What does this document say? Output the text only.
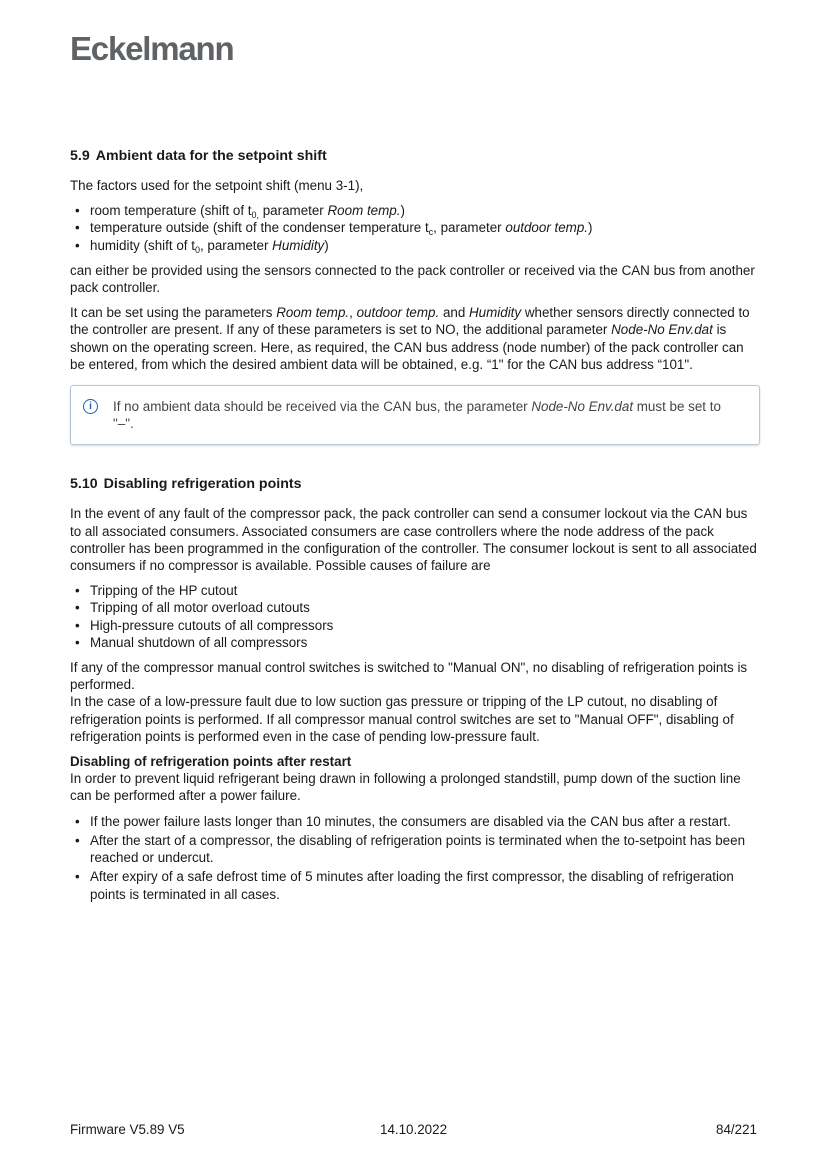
Eckelmann
5.9 Ambient data for the setpoint shift

The factors used for the setpoint shift (menu 3-1),

• room temperature (shift of $t_{0,}$ parameter Room temp.)
• temperature outside (shift of the condenser temperature $t_c$, parameter outdoor temp.)
• humidity (shift of $t_0$, parameter Humidity)

can either be provided using the sensors connected to the pack controller or received via the CAN bus from another pack controller.

It can be set using the parameters Room temp., outdoor temp. and Humidity whether sensors directly connected to the controller are present. If any of these parameters is set to NO, the additional parameter Node-No Env.dat is shown on the operating screen. Here, as required, the CAN bus address (node number) of the pack controller can be entered, from which the desired ambient data will be obtained, e.g. “1" for the CAN bus address “101".

i	If no ambient data should be received via the CAN bus, the parameter Node-No Env.dat must be set to "–".
5.10 Disabling refrigeration points

In the event of any fault of the compressor pack, the pack controller can send a consumer lockout via the CAN bus to all associated consumers. Associated consumers are case controllers where the node address of the pack controller has been programmed in the configuration of the controller. The consumer lockout is sent to all associated consumers if no compressor is available. Possible causes of failure are

• Tripping of the HP cutout
• Tripping of all motor overload cutouts
• High-pressure cutouts of all compressors
• Manual shutdown of all compressors

If any of the compressor manual control switches is switched to "Manual ON", no disabling of refrigeration points is performed.

In the case of a low-pressure fault due to low suction gas pressure or tripping of the LP cutout, no disabling of refrigeration points is performed. If all compressor manual control switches are set to "Manual OFF", disabling of refrigeration points is performed even in the case of pending low-pressure fault.

Disabling of refrigeration points after restart

In order to prevent liquid refrigerant being drawn in following a prolonged standstill, pump down of the suction line can be performed after a power failure.

• If the power failure lasts longer than 10 minutes, the consumers are disabled via the CAN bus after a restart.
• After the start of a compressor, the disabling of refrigeration points is terminated when the to-setpoint has been reached or undercut.
• After expiry of a safe defrost time of 5 minutes after loading the first compressor, the disabling of refrigeration points is terminated in all cases.
Firmware V5.89 V5	14.10.2022	84/221
